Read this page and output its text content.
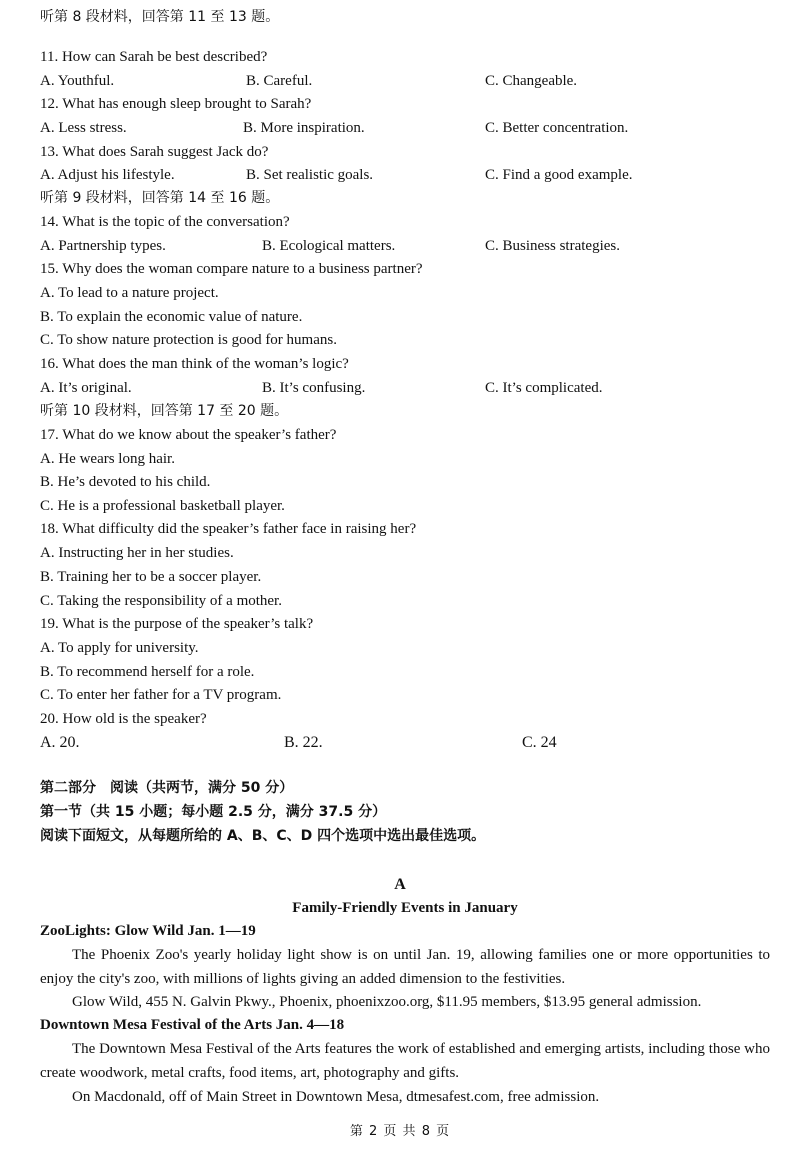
听第 8 段材料，回答第 11 至 13 题。
11. How can Sarah be best described?
A. Youthful.	B. Careful.	C. Changeable.
12. What has enough sleep brought to Sarah?
A. Less stress.	B. More inspiration.	C. Better concentration.
13. What does Sarah suggest Jack do?
A. Adjust his lifestyle.	B. Set realistic goals.	C. Find a good example.
听第 9 段材料，回答第 14 至 16 题。
14. What is the topic of the conversation?
A. Partnership types.	B. Ecological matters.	C. Business strategies.
15. Why does the woman compare nature to a business partner?
A. To lead to a nature project.
B. To explain the economic value of nature.
C. To show nature protection is good for humans.
16. What does the man think of the woman’s logic?
A. It’s original.	B. It’s confusing.	C. It’s complicated.
听第 10 段材料，回答第 17 至 20 题。
17. What do we know about the speaker’s father?
A. He wears long hair.
B. He’s devoted to his child.
C. He is a professional basketball player.
18. What difficulty did the speaker’s father face in raising her?
A. Instructing her in her studies.
B. Training her to be a soccer player.
C. Taking the responsibility of a mother.
19. What is the purpose of the speaker’s talk?
A. To apply for university.
B. To recommend herself for a role.
C. To enter her father for a TV program.
20. How old is the speaker?
A. 20.	B. 22.	C. 24
第二部分　阅读（共两节，满分 50 分）
第一节（共 15 小题；每小题 2.5 分，满分 37.5 分）
阅读下面短文，从每题所给的 A、B、C、D 四个选项中选出最佳选项。
A
Family-Friendly Events in January
ZooLights: Glow Wild Jan. 1—19
The Phoenix Zoo's yearly holiday light show is on until Jan. 19, allowing families one or more opportunities to enjoy the city's zoo, with millions of lights giving an added dimension to the festivities.
Glow Wild, 455 N. Galvin Pkwy., Phoenix, phoenixzoo.org, $11.95 members, $13.95 general admission.
Downtown Mesa Festival of the Arts Jan. 4—18
The Downtown Mesa Festival of the Arts features the work of established and emerging artists, including those who create woodwork, metal crafts, food items, art, photography and gifts.
On Macdonald, off of Main Street in Downtown Mesa, dtmesafest.com, free admission.
第 2 页 共 8 页
